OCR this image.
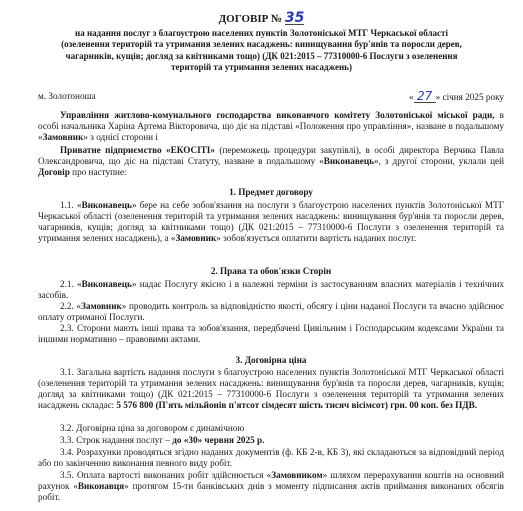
ДОГОВІР № 35
на надання послуг з благоустрою населених пунктів Золотоніської МТГ Черкаської області
(озеленення територій та утримання зелених насаджень: винищування бур'янів та поросли дерев,
чагарників, кущів; догляд за квітниками тощо) (ДК 021:2015 – 77310000-6 Послуги з озеленення
територій та утримання зелених насаджень)
м. Золотоноша	« 27 » січня 2025 року
Управління житлово-комунального господарства виконавчого комітету Золотоніської міської ради, в особі начальника Харіна Артема Вікторовича, що діє на підставі «Положення про управління», назване в подальшому «Замовник» з однієї сторони і
Приватне підприємство «ЕКОСІТІ» (переможець процедури закупівлі), в особі директора Верчика Павла Олександровича, що діє на підставі Статуту, назване в подальшому «Виконавець», з другої сторони, уклали цей Договір про наступне:
1. Предмет договору
1.1. «Виконавець» бере на себе зобов'язання на послуги з благоустрою населених пунктів Золотоніської МТГ Черкаської області (озеленення територій та утримання зелених насаджень: винищування бур'янів та поросли дерев, чагарників, кущів; догляд за квітниками тощо) (ДК 021:2015 – 77310000-6 Послуги з озеленення територій та утримання зелених насаджень), а «Замовник» зобов'язується оплатити вартість наданих послуг.
2. Права та обов'язки Сторін
2.1. «Виконавець» надає Послугу якісно і в належні терміни із застосуванням власних матеріалів і технічних засобів.
2.2. «Замовник» проводить контроль за відповідністю якості, обсягу і ціни наданої Послуги та вчасно здійснює оплату отриманої Послуги.
2.3. Сторони мають інші права та зобов'язання, передбачені Цивільним і Господарським кодексами України та іншими нормативно – правовими актами.
3. Договірна ціна
3.1. Загальна вартість надання послуги з благоустрою населених пунктів Золотоніської МТГ Черкаської області (озеленення територій та утримання зелених насаджень: винищування бур'янів та поросли дерев, чагарників, кущів; догляд за квітниками тощо) (ДК 021:2015 – 77310000-6 Послуги з озеленення територій та утримання зелених насаджень складає: 5 576 800 (П'ять мільйонів п'ятсот сімдесят шість тисяч вісімсот) грн. 00 коп. без ПДВ.
3.2. Договірна ціна за договором є динамічною
3.3. Строк надання послуг – до «30» червня 2025 р.
3.4. Розрахунки проводяться згідно наданих документів (ф. КБ 2-в, КБ 3), які складаються за відповідний період або по закінченню виконання певного виду робіт.
3.5. Оплата вартості виконаних робіт здійснюється «Замовником» шляхом перерахування коштів на основний рахунок «Виконавця» протягом 15-ти банківських днів з моменту підписання актів приймання виконаних обсягів робіт.
